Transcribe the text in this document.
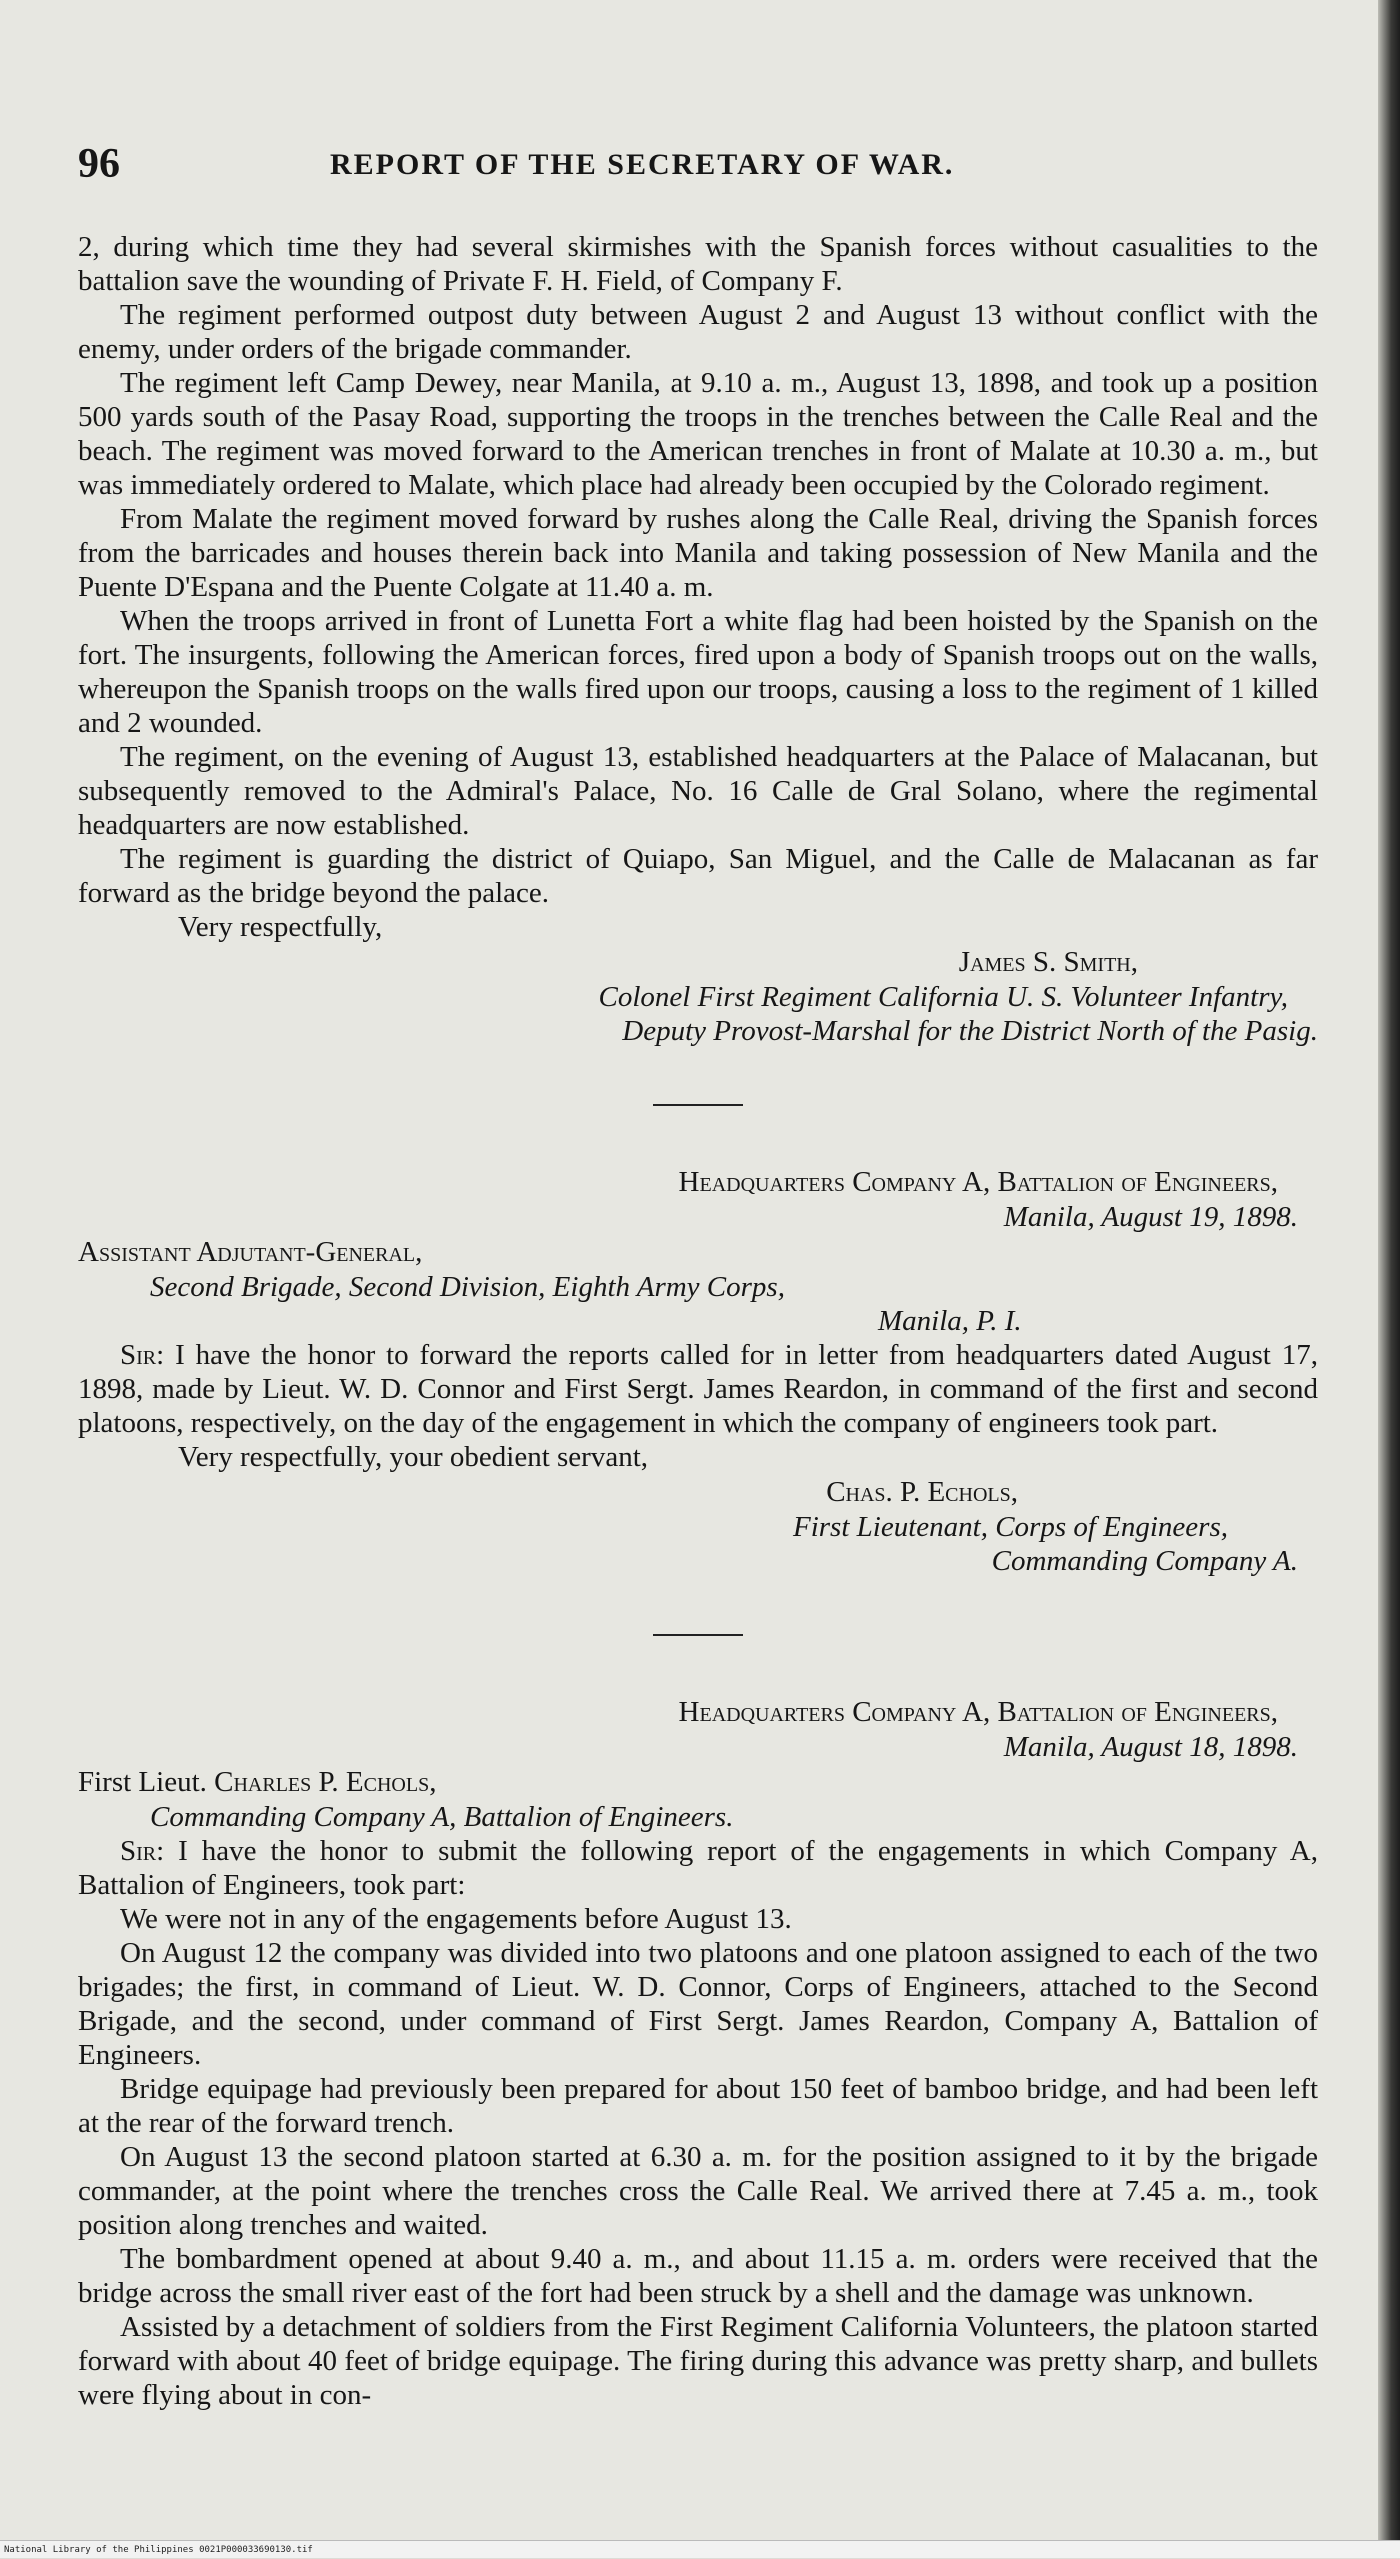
96	REPORT OF THE SECRETARY OF WAR.

2, during which time they had several skirmishes with the Spanish forces without casualities to the battalion save the wounding of Private F. H. Field, of Company F.

The regiment performed outpost duty between August 2 and August 13 without conflict with the enemy, under orders of the brigade commander.

The regiment left Camp Dewey, near Manila, at 9.10 a. m., August 13, 1898, and took up a position 500 yards south of the Pasay Road, supporting the troops in the trenches between the Calle Real and the beach. The regiment was moved forward to the American trenches in front of Malate at 10.30 a. m., but was immediately ordered to Malate, which place had already been occupied by the Colorado regiment.

From Malate the regiment moved forward by rushes along the Calle Real, driving the Spanish forces from the barricades and houses therein back into Manila and taking possession of New Manila and the Puente D'Espana and the Puente Colgate at 11.40 a. m.

When the troops arrived in front of Lunetta Fort a white flag had been hoisted by the Spanish on the fort. The insurgents, following the American forces, fired upon a body of Spanish troops out on the walls, whereupon the Spanish troops on the walls fired upon our troops, causing a loss to the regiment of 1 killed and 2 wounded.

The regiment, on the evening of August 13, established headquarters at the Palace of Malacanan, but subsequently removed to the Admiral's Palace, No. 16 Calle de Gral Solano, where the regimental headquarters are now established.

The regiment is guarding the district of Quiapo, San Miguel, and the Calle de Malacanan as far forward as the bridge beyond the palace.

Very respectfully,

James S. Smith,
Colonel First Regiment California U. S. Volunteer Infantry,
Deputy Provost-Marshal for the District North of the Pasig.
Headquarters Company A, Battalion of Engineers,
Manila, August 19, 1898.
Assistant Adjutant-General,
Second Brigade, Second Division, Eighth Army Corps,
Manila, P. I.

Sir: I have the honor to forward the reports called for in letter from headquarters dated August 17, 1898, made by Lieut. W. D. Connor and First Sergt. James Reardon, in command of the first and second platoons, respectively, on the day of the engagement in which the company of engineers took part.

Very respectfully, your obedient servant,

Chas. P. Echols,
First Lieutenant, Corps of Engineers,
Commanding Company A.
Headquarters Company A, Battalion of Engineers,
Manila, August 18, 1898.
First Lieut. Charles P. Echols,
Commanding Company A, Battalion of Engineers.

Sir: I have the honor to submit the following report of the engagements in which Company A, Battalion of Engineers, took part:

We were not in any of the engagements before August 13.

On August 12 the company was divided into two platoons and one platoon assigned to each of the two brigades; the first, in command of Lieut. W. D. Connor, Corps of Engineers, attached to the Second Brigade, and the second, under command of First Sergt. James Reardon, Company A, Battalion of Engineers.

Bridge equipage had previously been prepared for about 150 feet of bamboo bridge, and had been left at the rear of the forward trench.

On August 13 the second platoon started at 6.30 a. m. for the position assigned to it by the brigade commander, at the point where the trenches cross the Calle Real. We arrived there at 7.45 a. m., took position along trenches and waited.

The bombardment opened at about 9.40 a. m., and about 11.15 a. m. orders were received that the bridge across the small river east of the fort had been struck by a shell and the damage was unknown.

Assisted by a detachment of soldiers from the First Regiment California Volunteers, the platoon started forward with about 40 feet of bridge equipage. The firing during this advance was pretty sharp, and bullets were flying about in con-

National Library of the Philippines 0021P000033690130.tif
